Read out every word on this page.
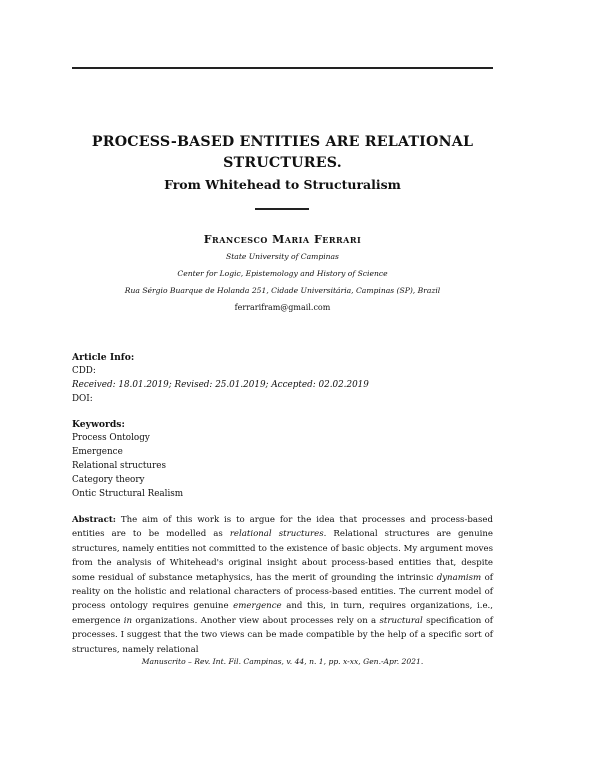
PROCESS-BASED ENTITIES ARE RELATIONAL
STRUCTURES.
From Whitehead to Structuralism
Francesco Maria Ferrari
State University of Campinas
Center for Logic, Epistemology and History of Science
Rua Sérgio Buarque de Holanda 251, Cidade Universitária, Campinas (SP), Brazil
ferrarifram@gmail.com
Article Info:
CDD:
Received: 18.01.2019; Revised: 25.01.2019; Accepted: 02.02.2019
DOI:
Keywords:
Process Ontology
Emergence
Relational structures
Category theory
Ontic Structural Realism
Abstract: The aim of this work is to argue for the idea that processes and process-based entities are to be modelled as relational structures. Relational structures are genuine structures, namely entities not committed to the existence of basic objects. My argument moves from the analysis of Whitehead's original insight about process-based entities that, despite some residual of substance metaphysics, has the merit of grounding the intrinsic dynamism of reality on the holistic and relational characters of process-based entities. The current model of process ontology requires genuine emergence and this, in turn, requires organizations, i.e., emergence in organizations. Another view about processes rely on a structural specification of processes. I suggest that the two views can be made compatible by the help of a specific sort of structures, namely relational
Manuscrito – Rev. Int. Fil. Campinas, v. 44, n. 1, pp. x-xx, Gen.-Apr. 2021.
